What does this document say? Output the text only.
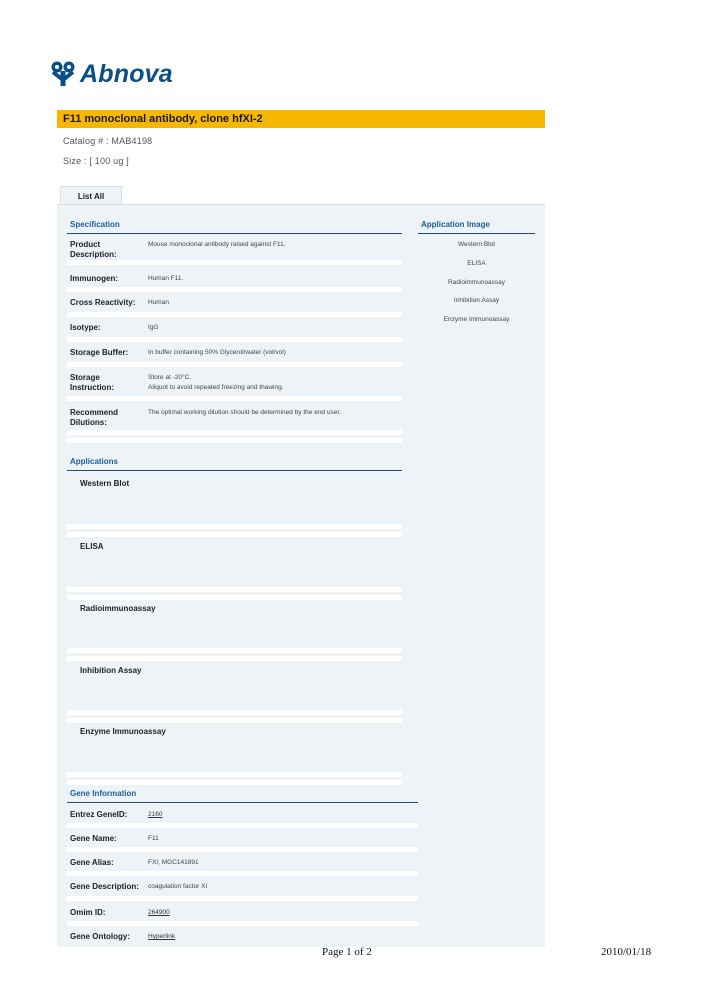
Abnova
F11 monoclonal antibody, clone hfXI-2
Catalog # : MAB4198
Size : [ 100 ug ]
List All
Specification
Product Description:
Mouse monoclonal antibody raised against F11.
Immunogen:	Human F11.
Cross Reactivity:	Human
Isotype:	IgG
Storage Buffer:	In buffer containing 50% Glycerol/water (vol/vol)
Storage Instruction:
Store at -20°C.
Aliquot to avoid repeated freezing and thawing.
Recommend Dilutions:
The optimal working dilution should be determined by the end user.
Application Image
Western Blot
ELISA
Radioimmunoassay
Inhibition Assay
Enzyme Immunoassay
Applications
Western Blot
ELISA
Radioimmunoassay
Inhibition Assay
Enzyme Immunoassay
Gene Information
Entrez GeneID:	2160
Gene Name:	F11
Gene Alias:	FXI, MGC141891
Gene Description:	coagulation factor XI
Omim ID:	264900
Gene Ontology:	Hyperlink
Page 1 of 2	2010/01/18
